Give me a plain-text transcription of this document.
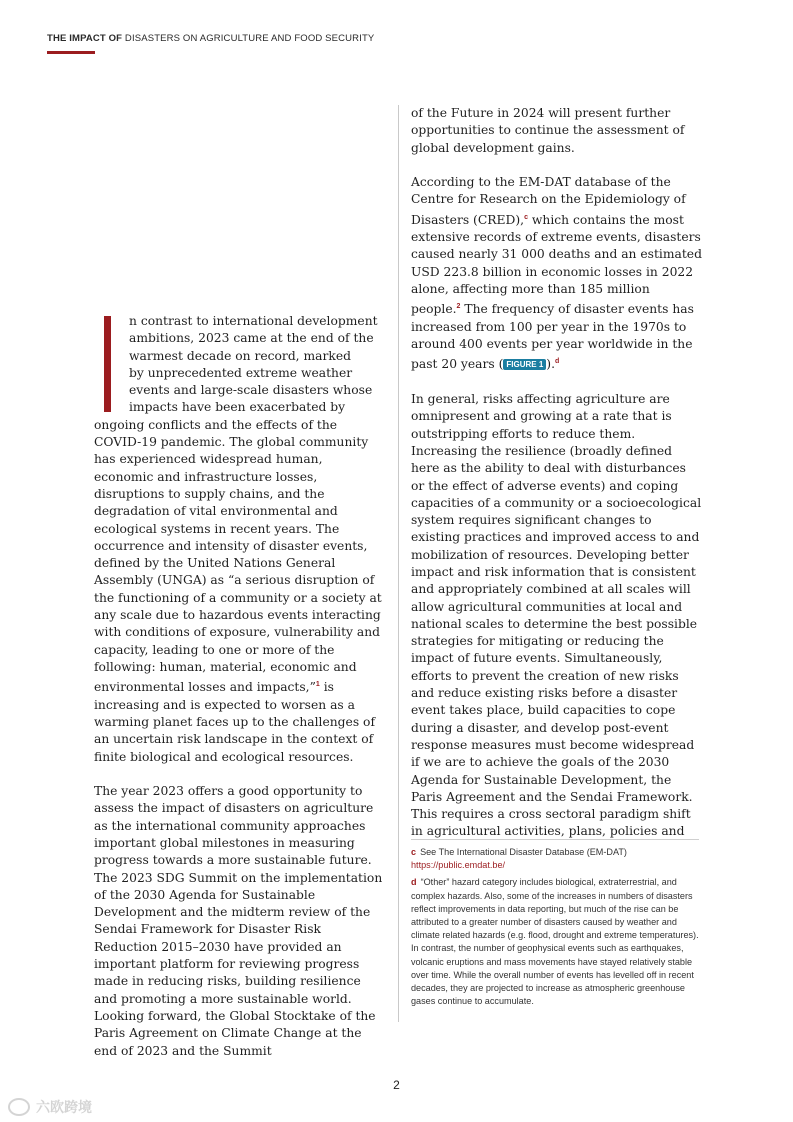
THE IMPACT OF DISASTERS ON AGRICULTURE AND FOOD SECURITY

n contrast to international development
ambitions, 2023 came at the end of the
warmest decade on record, marked
by unprecedented extreme weather
events and large-scale disasters whose
impacts have been exacerbated by
ongoing conflicts and the effects of the COVID-19 pandemic. The global community has experienced widespread human, economic and infrastructure losses, disruptions to supply chains, and the degradation of vital environmental and ecological systems in recent years. The occurrence and intensity of disaster events, defined by the United Nations General Assembly (UNGA) as “a serious disruption of the functioning of a community or a society at any scale due to hazardous events interacting with conditions of exposure, vulnerability and capacity, leading to one or more of the following: human, material, economic and environmental losses and impacts,”$^1$ is increasing and is expected to worsen as a warming planet faces up to the challenges of an uncertain risk landscape in the context of finite biological and ecological resources.

The year 2023 offers a good opportunity to assess the impact of disasters on agriculture as the international community approaches important global milestones in measuring progress towards a more sustainable future. The 2023 SDG Summit on the implementation of the 2030 Agenda for Sustainable Development and the midterm review of the Sendai Framework for Disaster Risk Reduction 2015–2030 have provided an important platform for reviewing progress made in reducing risks, building resilience and promoting a more sustainable world. Looking forward, the Global Stocktake of the Paris Agreement on Climate Change at the end of 2023 and the Summit

of the Future in 2024 will present further opportunities to continue the assessment of global development gains.

According to the EM-DAT database of the Centre for Research on the Epidemiology of Disasters (CRED),$^c$ which contains the most extensive records of extreme events, disasters caused nearly 31 000 deaths and an estimated USD 223.8 billion in economic losses in 2022 alone, affecting more than 185 million people.$^2$ The frequency of disaster events has increased from 100 per year in the 1970s to around 400 events per year worldwide in the past 20 years ( FIGURE 1 ).$^d$

In general, risks affecting agriculture are omnipresent and growing at a rate that is outstripping efforts to reduce them. Increasing the resilience (broadly defined here as the ability to deal with disturbances or the effect of adverse events) and coping capacities of a community or a socioecological system requires significant changes to existing practices and improved access to and mobilization of resources. Developing better impact and risk information that is consistent and appropriately combined at all scales will allow agricultural communities at local and national scales to determine the best possible strategies for mitigating or reducing the impact of future events. Simultaneously, efforts to prevent the creation of new risks and reduce existing risks before a disaster event takes place, build capacities to cope during a disaster, and develop post-event response measures must become widespread if we are to achieve the goals of the 2030 Agenda for Sustainable Development, the Paris Agreement and the Sendai Framework. This requires a cross sectoral paradigm shift in agricultural activities, plans, policies and

c See The International Disaster Database (EM-DAT)
https://public.emdat.be/
d “Other” hazard category includes biological, extraterrestrial, and complex hazards. Also, some of the increases in numbers of disasters reflect improvements in data reporting, but much of the rise can be attributed to a greater number of disasters caused by weather and climate related hazards (e.g. flood, drought and extreme temperatures). In contrast, the number of geophysical events such as earthquakes, volcanic eruptions and mass movements have stayed relatively stable over time. While the overall number of events has levelled off in recent decades, they are projected to increase as atmospheric greenhouse gases continue to accumulate.
2
六欧跨境
